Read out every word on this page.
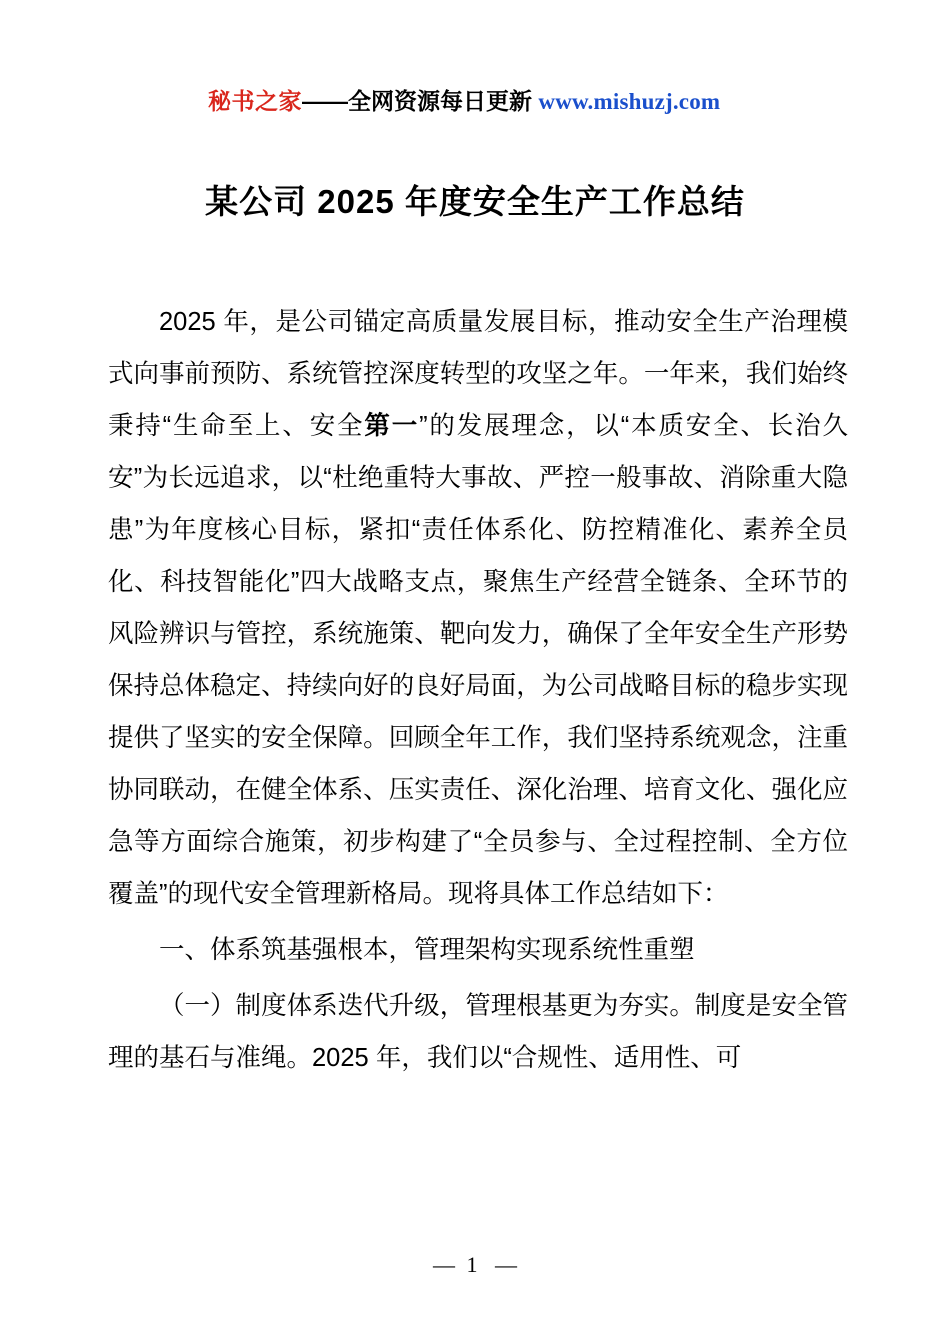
秘书之家——全网资源每日更新 www.mishuzj.com
某公司 2025 年度安全生产工作总结

2025 年，是公司锚定高质量发展目标，推动安全生产治理模式向事前预防、系统管控深度转型的攻坚之年。一年来，我们始终秉持“生命至上、安全第一”的发展理念，以“本质安全、长治久安”为长远追求，以“杜绝重特大事故、严控一般事故、消除重大隐患”为年度核心目标，紧扣“责任体系化、防控精准化、素养全员化、科技智能化”四大战略支点，聚焦生产经营全链条、全环节的风险辨识与管控，系统施策、靶向发力，确保了全年安全生产形势保持总体稳定、持续向好的良好局面，为公司战略目标的稳步实现提供了坚实的安全保障。回顾全年工作，我们坚持系统观念，注重协同联动，在健全体系、压实责任、深化治理、培育文化、强化应急等方面综合施策，初步构建了“全员参与、全过程控制、全方位覆盖”的现代安全管理新格局。现将具体工作总结如下：

一、体系筑基强根本，管理架构实现系统性重塑

（一）制度体系迭代升级，管理根基更为夯实。制度是安全管理的基石与准绳。2025 年，我们以“合规性、适用性、可

— 1 —
